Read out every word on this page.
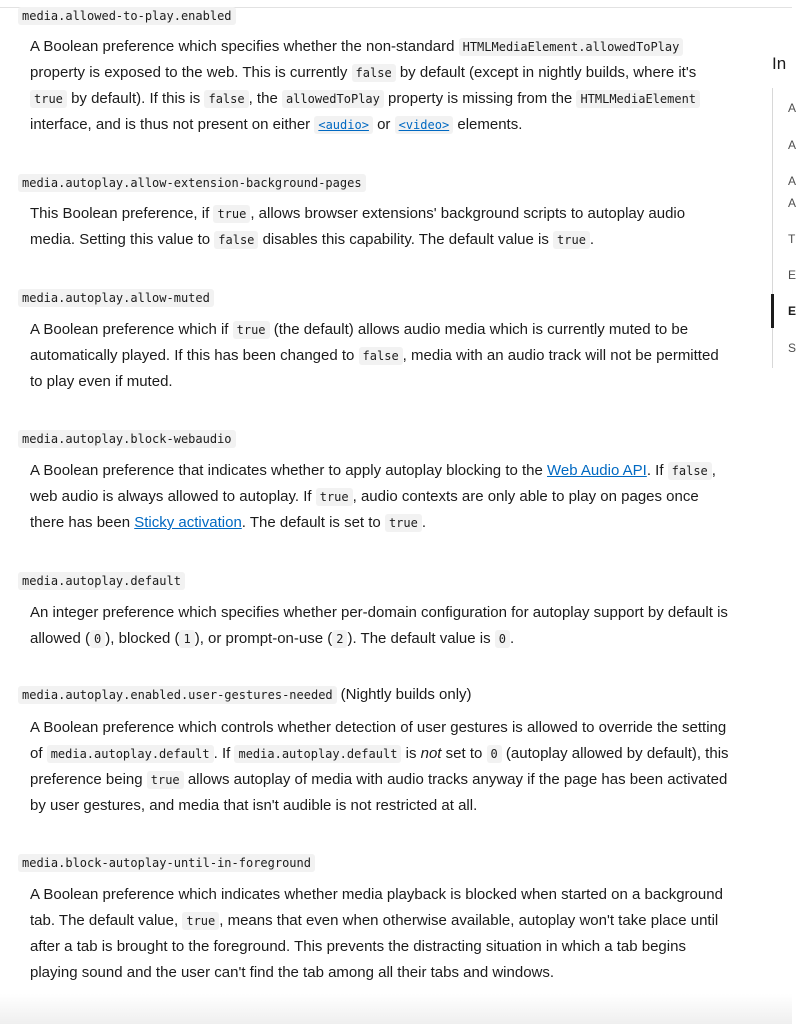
media.allowed-to-play.enabled

A Boolean preference which specifies whether the non-standard HTMLMediaElement.allowedToPlay property is exposed to the web. This is currently false by default (except in nightly builds, where it's true by default). If this is false , the allowedToPlay property is missing from the HTMLMediaElement interface, and is thus not present on either <audio> or <video> elements.

media.autoplay.allow-extension-background-pages

This Boolean preference, if true , allows browser extensions' background scripts to autoplay audio media. Setting this value to false disables this capability. The default value is true .

media.autoplay.allow-muted

A Boolean preference which if true (the default) allows audio media which is currently muted to be automatically played. If this has been changed to false , media with an audio track will not be permitted to play even if muted.

media.autoplay.block-webaudio

A Boolean preference that indicates whether to apply autoplay blocking to the Web Audio API. If false , web audio is always allowed to autoplay. If true , audio contexts are only able to play on pages once there has been Sticky activation. The default is set to true .

media.autoplay.default

An integer preference which specifies whether per-domain configuration for autoplay support by default is allowed ( 0 ), blocked ( 1 ), or prompt-on-use ( 2 ). The default value is 0 .

media.autoplay.enabled.user-gestures-needed (Nightly builds only)

A Boolean preference which controls whether detection of user gestures is allowed to override the setting of media.autoplay.default . If media.autoplay.default is not set to 0 (autoplay allowed by default), this preference being true allows autoplay of media with audio tracks anyway if the page has been activated by user gestures, and media that isn't audible is not restricted at all.

media.block-autoplay-until-in-foreground

A Boolean preference which indicates whether media playback is blocked when started on a background tab. The default value, true , means that even when otherwise available, autoplay won't take place until after a tab is brought to the foreground. This prevents the distracting situation in which a tab begins playing sound and the user can't find the tab among all their tabs and windows.

In
A
A
A
A
T
E
E
S
